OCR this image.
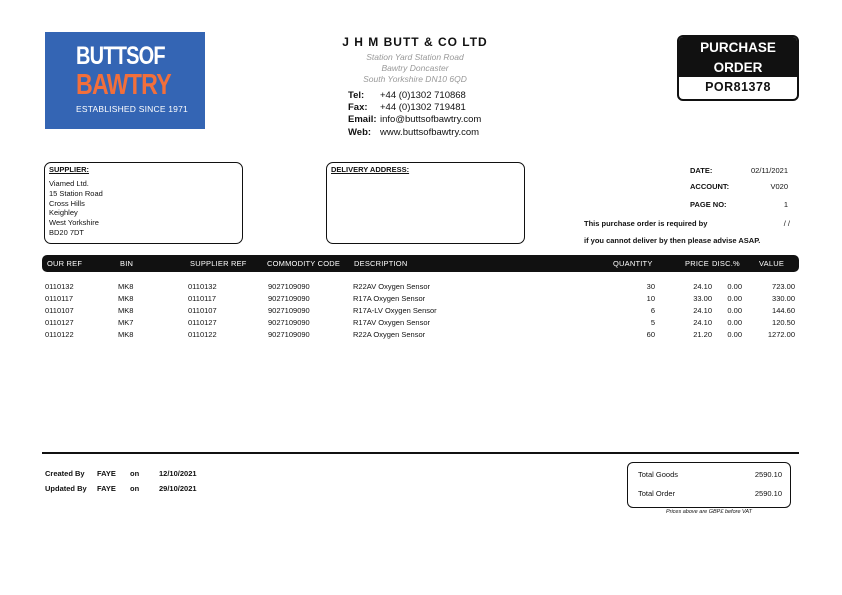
BUTTSOF
BAWTRY
ESTABLISHED SINCE 1971
J H M BUTT & CO LTD
Station Yard Station Road
Bawtry Doncaster
South Yorkshire DN10 6QD
Tel: +44 (0)1302 710868
Fax: +44 (0)1302 719481
Email: info@buttsofbawtry.com
Web: www.buttsofbawtry.com
PURCHASE
ORDER
POR81378
SUPPLIER:
Viamed Ltd.
15 Station Road
Cross Hills
Keighley
West Yorkshire
BD20 7DT
DELIVERY ADDRESS:	DATE:	02/11/2021
ACCOUNT:	V020
PAGE NO:	1
This purchase order is required by	/ /
if you cannot deliver by then please advise ASAP.
OUR REF	BIN	SUPPLIER REF	COMMODITY CODE DESCRIPTION	QUANTITY	PRICE DISC.%	VALUE
0110132	MK8	0110132	9027109090	R22AV Oxygen Sensor	30	24.10	0.00	723.00
0110117	MK8	0110117	9027109090	R17A Oxygen Sensor	10	33.00	0.00	330.00
0110107	MK8	0110107	9027109090	R17A-LV Oxygen Sensor	6	24.10	0.00	144.60
0110127	MK7	0110127	9027109090	R17AV Oxygen Sensor	5	24.10	0.00	120.50
0110122	MK8	0110122	9027109090	R22A Oxygen Sensor	60	21.20	0.00	1272.00
Created By FAYE on	12/10/2021
Updated By FAYE on	29/10/2021
Total Goods	2590.10
Total Order	2590.10
Prices above are GBP£ before VAT
